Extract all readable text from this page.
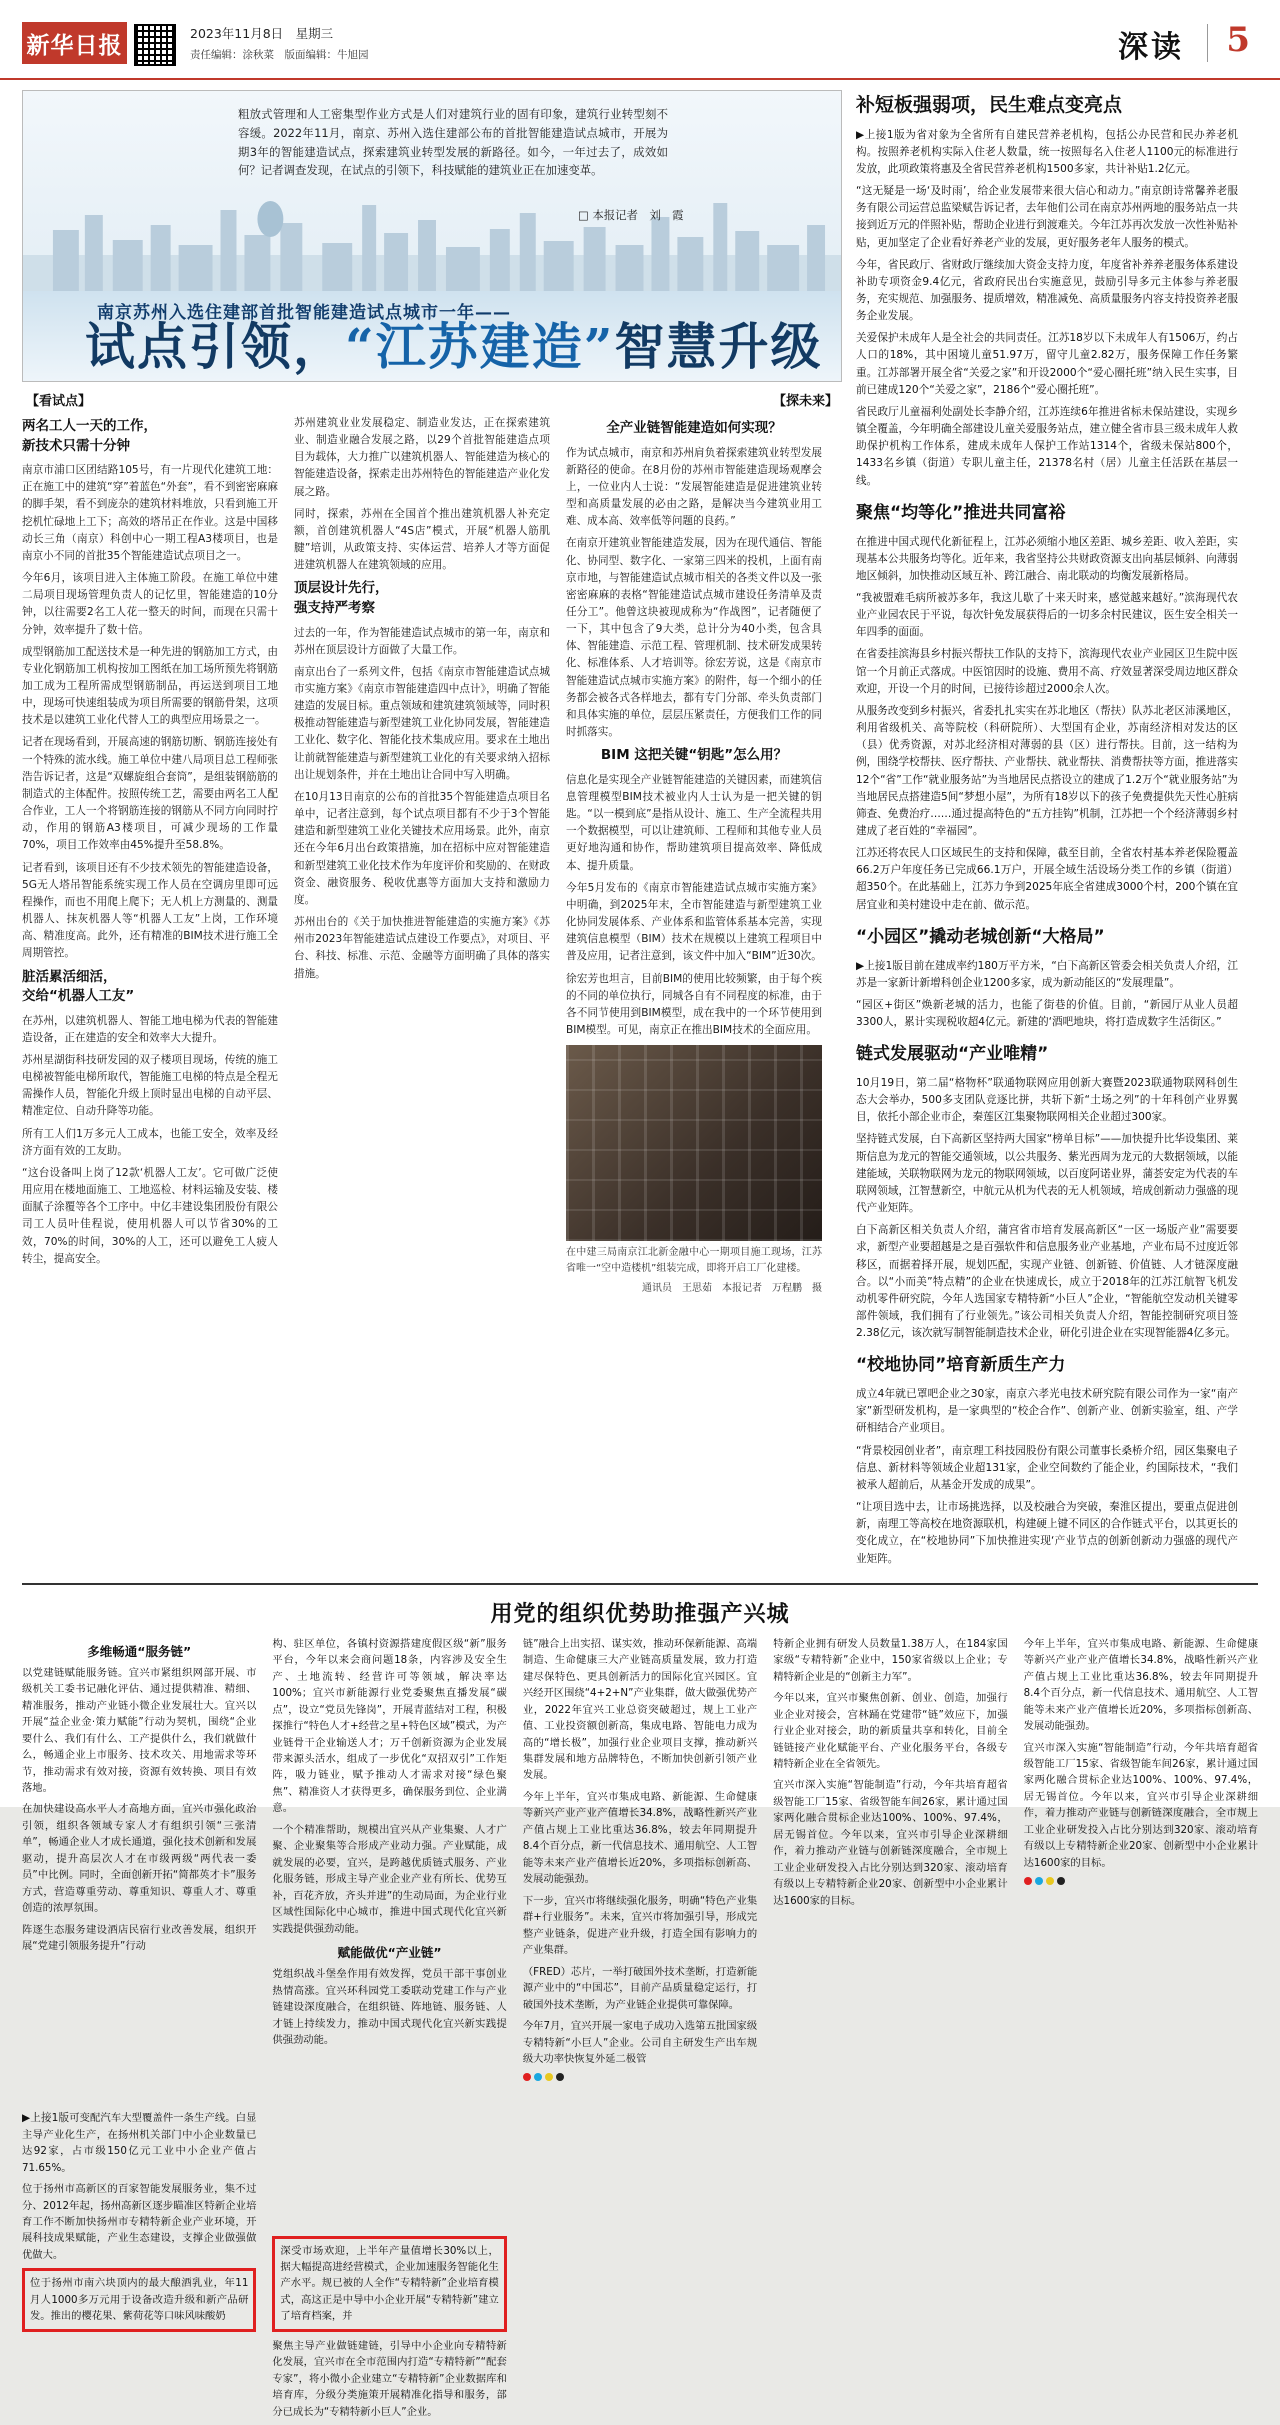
新华日报	2023年11月8日　星期三
责任编辑：涂秋菜　版面编辑：牛旭园	深读 5
粗放式管理和人工密集型作业方式是人们对建筑行业的固有印象，建筑行业转型刻不容缓。2022年11月，南京、苏州入选住建部公布的首批智能建造试点城市，开展为期3年的智能建造试点，探索建筑业转型发展的新路径。如今，一年过去了，成效如何？记者调查发现，在试点的引领下，科技赋能的建筑业正在加速变革。
□ 本报记者　刘　霞
南京苏州入选住建部首批智能建造试点城市一年——
试点引领，“江苏建造”智慧升级
【看试点】	【探未来】
两名工人一天的工作，
新技术只需十分钟

南京市浦口区团结路105号，有一片现代化建筑工地：正在施工中的建筑“穿”着蓝色“外套”，看不到密密麻麻的脚手架，看不到庞杂的建筑材料堆放，只看到施工开挖机忙碌地上工下；高效的塔吊正在作业。这是中国移动长三角（南京）科创中心一期工程A3楼项目，也是南京小不同的首批35个智能建造试点项目之一。

今年6月，该项目进入主体施工阶段。在施工单位中建二局项目现场管理负责人的记忆里，智能建造的10分钟，以往需要2名工人花一整天的时间，而现在只需十分钟，效率提升了数十倍。

成型钢筋加工配送技术是一种先进的钢筋加工方式，由专业化钢筋加工机构按加工图纸在加工场所预先将钢筋加工成为工程所需成型钢筋制品，再运送到项目工地中，现场可快速组装成为项目所需要的钢筋骨架，这项技术是以建筑工业化代替人工的典型应用场景之一。

记者在现场看到，开展高速的钢筋切断、钢筋连接处有一个特殊的流水线。施工单位中建八局项目总工程师张浩告诉记者，这是“双螺旋组合套筒”，是组装钢筋筋的制造式的主体配件。按照传统工艺，需要由两名工人配合作业，工人一个将钢筋连接的钢筋从不同方向同时拧动，作用的钢筋A3楼项目，可减少现场的工作量70%，项目工作效率由45%提升至58.8%。

记者看到，该项目还有不少技术领先的智能建造设备，5G无人塔吊智能系统实现工作人员在空调房里即可远程操作，而也不用爬上爬下；无人机上方测量的、测量机器人、抹灰机器人等“机器人工友”上岗，工作环境高、精准度高。此外，还有精准的BIM技术进行施工全周期管控。

脏活累活细活，
交给“机器人工友”

在苏州，以建筑机器人、智能工地电梯为代表的智能建造设备，正在建造的安全和效率大大提升。

苏州星湖街科技研发园的双子楼项目现场，传统的施工电梯被智能电梯所取代，智能施工电梯的特点是全程无需操作人员，智能化升级上顶时显出电梯的自动平层、精准定位、自动升降等功能。

所有工人们1万多元人工成本，也能工安全，效率及经济方面有效的工友助。

“这台设备叫上岗了12款‘机器人工友’。它可做广泛使用应用在楼地面施工、工地巡检、材料运输及安装、楼面腻子涂覆等各个工序中。中亿丰建设集团股份有限公司工人员叶佳程说，使用机器人可以节省30%的工效，70%的时间，30%的人工，还可以避免工人疲人转尘，提高安全。

苏州建筑业业发展稳定、制造业发达，正在探索建筑业、制造业融合发展之路，以29个首批智能建造点项目为载体，大力推广以建筑机器人、智能建造为核心的智能建造设备，探索走出苏州特色的智能建造产业化发展之路。

同时，探索，苏州在全国首个推出建筑机器人补充定额，首创建筑机器人“4S店”模式，开展“机器人筋肌腱”培训，从政策支持、实体运营、培养人才等方面促进建筑机器人在建筑领域的应用。

顶层设计先行，
强支持严考察

过去的一年，作为智能建造试点城市的第一年，南京和苏州在顶层设计方面做了大量工作。

南京出台了一系列文件，包括《南京市智能建造试点城市实施方案》《南京市智能建造四中点计》，明确了智能建造的发展目标。重点领域和建筑建筑领域等，同时积极推动智能建造与新型建筑工业化协同发展，智能建造工业化、数字化、智能化技术集成应用。要求在土地出让前就智能建造与新型建筑工业化的有关要求纳入招标出让规划条件，并在土地出让合同中写入明确。

在10月13日南京的公布的首批35个智能建造点项目名单中，记者注意到，每个试点项目都有不少于3个智能建造和新型建筑工业化关键技术应用场景。此外，南京还在今年6月出台政策措施，加在招标中应对智能建造和新型建筑工业化技术作为年度评价和奖励的、在财政资金、融资服务、税收优惠等方面加大支持和激励力度。

苏州出台的《关于加快推进智能建造的实施方案》《苏州市2023年智能建造试点建设工作要点》，对项目、平台、科技、标准、示范、金融等方面明确了具体的落实措施。

全产业链智能建造如何实现？

作为试点城市，南京和苏州肩负着探索建筑业转型发展新路径的使命。在8月份的苏州市智能建造现场观摩会上，一位业内人士说：“发展智能建造是促进建筑业转型和高质量发展的必由之路，是解决当今建筑业用工难、成本高、效率低等问题的良药。”

在南京开建筑业智能建造发展，因为在现代通信、智能化、协同型、数字化、一家第三四米的投机，上面有南京市地，与智能建造试点城市相关的各类文件以及一张密密麻麻的表格“智能建造试点城市建设任务清单及责任分工”。他曾这块被现成称为“作战图”，记者随便了一下，其中包含了9大类，总计分为40小类，包含具体、智能建造、示范工程、管理机制、技术研发成果转化、标准体系、人才培训等。徐宏芳说，这是《南京市智能建造试点城市实施方案》的附件，每一个细小的任务都会被各式各样地去，都有专门分部、牵头负责部门和具体实施的单位，层层压紧责任，方便我们工作的同时抓落实。

BIM 这把关键“钥匙”怎么用？

信息化是实现全产业链智能建造的关键因素，而建筑信息管理模型BIM技术被业内人士认为是一把关键的钥匙。“以一模到底”是指从设计、施工、生产全流程共用一个数据模型，可以让建筑师、工程师和其他专业人员更好地沟通和协作，帮助建筑项目提高效率、降低成本、提升质量。

今年5月发布的《南京市智能建造试点城市实施方案》中明确，到2025年末，全市智能建造与新型建筑工业化协同发展体系、产业体系和监管体系基本完善，实现建筑信息模型（BIM）技术在规模以上建筑工程项目中普及应用，记者注意到，该文件中加入“BIM”近30次。

徐宏芳也坦言，目前BIM的使用比较频繁，由于每个疾的不同的单位执行，同城各自有不同程度的标准，由于各不同节使用到BIM模型，成在我中的一个环节使用到BIM模型。可见，南京正在推出BIM技术的全面应用。

在中建三局南京江北新金融中心一期项目施工现场，江苏省唯一“空中造楼机”组装完成，即将开启工厂化建楼。
通讯员　王思茹　本报记者　万程鹏　摄
补短板强弱项，民生难点变亮点

▶上接1版为省对象为全省所有自建民营养老机构，包括公办民营和民办养老机构。按照养老机构实际入住老人数量，统一按照每名入住老人1100元的标准进行发放，此项政策将惠及全省民营养老机构1500多家，共计补贴1.2亿元。

“这无疑是一场‘及时雨’，给企业发展带来很大信心和动力。”南京朗诗常馨养老服务有限公司运营总监梁赋告诉记者，去年他们公司在南京苏州两地的服务站点一共接到近万元的伴照补贴，帮助企业进行到渡难关。今年江苏再次发放一次性补贴补贴，更加坚定了企业看好养老产业的发展，更好服务老年人服务的模式。

今年，省民政厅、省财政厅继续加大资金支持力度，年度省补养养老服务体系建设补助专项资金9.4亿元，省政府民出台实施意见，鼓励引导多元主体参与养老服务，充实规范、加强服务、提质增效，精准减免、高质量服务内容支持投资养老服务企业发展。

关爱保护未成年人是全社会的共同责任。江苏18岁以下未成年人有1506万，约占人口的18%，其中困境儿童51.97万，留守儿童2.82万，服务保障工作任务繁重。江苏部署开展全省“关爱之家”和开设2000个“爱心圈托班”纳入民生实事，目前已建成120个“关爱之家”，2186个“爱心圈托班”。

省民政厅儿童福利处副处长李静介绍，江苏连续6年推进省标未保站建设，实现乡镇全覆盖，今年明确全部建设儿童关爱服务站点，建立健全省市县三级未成年人救助保护机构工作体系，建成未成年人保护工作站1314个，省级未保站800个，1433名乡镇（街道）专职儿童主任，21378名村（居）儿童主任活跃在基层一线。

聚焦“均等化”推进共同富裕

在推进中国式现代化新征程上，江苏必须缩小地区差距、城乡差距、收入差距，实现基本公共服务均等化。近年来，我省坚持公共财政资源支出向基层倾斜、向薄弱地区倾斜，加快推动区域互补、跨江融合、南北联动的均衡发展新格局。

“我被盟难毛病所被苏多年，我这儿歇了十来天时来，感觉越来越好。”滨海现代农业产业园农民于平说，每次针免发展获得后的一切多余村民建议，医生安全相关一年四季的面面。

在省委挂滨海县乡村振兴帮扶工作队的支持下，滨海现代农业产业园区卫生院中医馆一个月前正式落成。中医馆因时的设施、费用不高、疗效显著深受周边地区群众欢迎，开设一个月的时间，已接待诊超过2000余人次。

从服务改变到乡村振兴，省委扎扎实实在苏北地区（帮扶）队苏北老区沛溪地区，利用省级机关、高等院校（科研院所）、大型国有企业，苏南经济相对发达的区（县）优秀资源，对苏北经济相对薄弱的县（区）进行帮扶。目前，这一结构为例，围绕学校帮扶、医疗帮扶、产业帮扶、就业帮扶、消费帮扶等方面，推进落实12个“省”工作“就业服务站”为当地居民点搭设立的建成了1.2万个“就业服务站”为当地居民点搭建造5间“梦想小屋”，为所有18岁以下的孩子免费提供先天性心脏病筛查、免费治疗……通过提高特色的“五方挂钩”机制，江苏把一个个经济薄弱乡村建成了老百姓的“幸福园”。

江苏还将农民人口区域民生的支持和保障，截至目前，全省农村基本养老保险覆盖66.2万户年度任务已完成66.1万户，开展全域生活设场分类工作的乡镇（街道）超350个。在此基础上，江苏力争到2025年底全省建成3000个村，200个镇在宜居宜业和美村建设中走在前、做示范。

“小园区”撬动老城创新“大格局”

▶上接1版目前在建成率约180万平方米，“白下高新区管委会相关负责人介绍，江苏是一家新计新增科创企业1200多家，成为新动能区的“发展理量”。

“园区+街区”焕新老城的活力，也能了街巷的价值。目前，“新园厅从业人员超3300人，累计实现税收超4亿元。新建的‘酒吧地块，将打造成数字生活街区。”

链式发展驱动“产业唯精”

10月19日，第二届“格物杯”联通物联网应用创新大赛暨2023联通物联网科创生态大会举办，500多支团队竞逐比拼，共斩下新“土场之列”的十年科创产业界翼目，依托小部企业市企，秦莲区江集聚物联网相关企业超过300家。

坚持链式发展，白下高新区坚持两大国家“榜单目标”——加快提升比华设集团、莱斯信息为龙元的智能交通领域，以公共服务、紫光西周为龙元的大数据领域，以能建能域，关联物联网为龙元的物联网领域，以百度阿诺业界，蒲荟安定为代表的车联网领域，江智慧新空，中航元从机为代表的无人机领域，培成创新动力强盛的现代产业矩阵。

白下高新区相关负责人介绍，蒲宫省市培育发展高新区“一区一场版产业”需要要求，新型产业要超越是之是百强软件和信息服务业产业基地，产业布局不过度近邻移区，而据着择开展，规划匹配，实现产业链、创新链、价值链、人才链深度融合。以“小而美”特点精”的企业在快速成长，成立于2018年的江苏江航智飞机发动机零件研究院，今年人选国家专精特新“小巨人”企业，“智能航空发动机关键零部件领域，我们拥有了行业领先。”该公司相关负责人介绍，智能控制研究项目签2.38亿元，该次就写制智能制造技术企业，研化引进企业在实现智能器4亿多元。

“校地协同”培育新质生产力

成立4年就已罩吧企业之30家，南京六孝光电技术研究院有限公司作为一家“南产家”新型研发机构，是一家典型的“校企合作”、创新产业、创新实验室，组、产学研相结合产业项目。

“背景校园创业者”，南京理工科技园股份有限公司董事长桑桥介绍，园区集聚电子信息、新材料等领域企业超131家，企业空间数约了能企业，约国际技术，“我们被承人超前后，从基金开发成的成果”。

“让项目选中去，让市场挑选择，以及校融合为突破，秦淮区提出，要重点促进创新，南理工等高校在地资源联机，构建硬上键不同区的合作链式平台，以其更长的变化成立，在“校地协同”下加快推进实现‘产业节点的创新创新动力强盛的现代产业矩阵。

用党的组织优势助推强产兴城
多维畅通“服务链”

以党建链赋能服务链。宜兴市紧组织网部开展、市级机关工委书记融化评估、通过提供精准、精细、精准服务，推动产业链小微企业发展壮大。宜兴以开展“益企业金·策力赋能”行动为契机，围绕“企业要什么、我们有什么、工产提供什么，我们就做什么，畅通企业上市服务、技术攻关、用地需求等环节，推动需求有效对接，资源有效转换、项目有效落地。

在加快建设高水平人才高地方面，宜兴市强化政治引领，组织各领域专家人才有组织引领“三张清单”，畅通企业人才成长通道，强化技术创新和发展驱动，提升高层次人才在市级两级“两代表一委员”中比例。同时，全面创新开拓“简都英才卡”服务方式，营造尊重劳动、尊重知识、尊重人才、尊重创造的浓厚氛围。

阵逐生态服务建设酒店民宿行业改善发展，组织开展“党建引领服务提升”行动

▶上接1版可变配汽车大型覆盖件一条生产线。白显主导产业化生产，在扬州机关部门中小企业数量已达92家，占市级150亿元工业中小企业产值占71.65%。

位于扬州市高新区的百家智能发展服务业，集不过分、2012年起，扬州高新区逐步瞄准区特新企业培育工作不断加快扬州市专精特新企业产业环境，开展科技成果赋能，产业生态建设，支撑企业做强做优做大。

位于扬州市南六块顶内的最大酿酒乳业，年11月人1000多万元用于设备改造升级和新产品研发。推出的樱花果、紫荷花等口味风味酸奶

构、驻区单位，各镇村资源搭建度假区级“新”服务平台，今年以来会商问题18条，内容涉及安全生产、土地流转、经营许可等领域，解决率达100%；宜兴市新能源行业党委聚焦直播发展“碳点”，设立“党员先锋岗”，开展青蓝结对工程，积极探推行“特色人才+经营之星+特色区域”模式，为产业链骨干企业输送人才；万千创新资源为企业发展带来源头活水，组成了一步优化“双招双引”工作矩阵，吸力链业，赋予推动人才需求对接“绿色聚焦”、精准资人才获得更多，确保服务到位、企业满意。

一个个精准帮助，规模出宜兴从产业集聚、人才广聚、企业聚集等合形成产业动力强。产业赋能，成就发展的必要，宜兴，是跨越优质链式服务、产业化服务链，形成主导产业企业产业有所长、优势互补，百花齐放，齐头并进”的生动局面，为企业行业区域性国际化中心城市，推进中国式现代化宜兴新实践提供强劲动能。

赋能做优“产业链”

党组织战斗堡垒作用有效发挥，党员干部干事创业热情高涨。宜兴环科园党工委联动党建工作与产业链建设深度融合，在组织链、阵地链、服务链、人才链上持续发力，推动中国式现代化宜兴新实践提供强劲动能。

深受市场欢迎，上半年产量值增长30%以上，据大幅提高进经营模式，企业加速服务智能化生产水平。规已被的人全作“专精特新”企业培育模式，高这正是中导中小企业开展“专精特新”建立了培育档案，并

聚焦主导产业做链建链，引导中小企业向专精特新化发展，宜兴市在全市范围内打造“专精特新”“配套专家”，将小微小企业建立“专精特新”企业数据库和培育库，分级分类施策开展精准化指导和服务，部分已成长为“专精特新小巨人”企业。

链”融合上出实招、谋实效，推动环保新能源、高端制造、生命健康三大产业链高质量发展，致力打造建尽保特色、更具创新活力的国际化宜兴园区。宜兴经开区围绕“4+2+N”产业集群，做大做强优势产业，2022年宜兴工业总资突破超过，规上工业产值、工业投资额创新高，集成电路、智能电力成为高的“增长极”，加强行业企业项目支撑，推动新兴集群发展和地方品牌特色，不断加快创新引领产业发展。

今年上半年，宜兴市集成电路、新能源、生命健康等新兴产业产业产值增长34.8%，战略性新兴产业产值占规上工业比重达36.8%，较去年同期提升8.4个百分点，新一代信息技术、通用航空、人工智能等未来产业产值增长近20%，多项指标创新高、发展动能强劲。

下一步，宜兴市将继续强化服务，明确“特色产业集群+行业服务”。未来，宜兴市将加强引导，形成完整产业链条，促进产业升级，打造全国有影响力的产业集群。

（FRED）芯片，一举打破国外技术垄断，打造新能源产业中的“中国芯”，目前产品质量稳定运行，打破国外技术垄断，为产业链企业提供可靠保障。

今年7月，宜兴开展一家电子成功入选第五批国家级专精特新“小巨人”企业。公司自主研发生产出车规级大功率快恢复外延二极管

特新企业拥有研发人员数量1.38万人，在184家国家级“专精特新”企业中，150家省级以上企业；专精特新企业是的“创新主力军”。

今年以来，宜兴市聚焦创新、创业、创造，加强行业企业对接会，宫林踊在党建带“链”效应下，加强行业企业对接会，助的新质量共享和转化，目前全链链接产业化赋能平台、产业化服务平台，各级专精特新企业在全省领先。

宜兴市深入实施“智能制造”行动，今年共培育超省级智能工厂15家、省级智能车间26家，累计通过国家两化融合贯标企业达100%、100%、97.4%，居无锡首位。今年以来，宜兴市引导企业深耕细作，着力推动产业链与创新链深度融合，全市规上工业企业研发投入占比分别达到320家、滚动培育有级以上专精特新企业20家、创新型中小企业累计达1600家的目标。

今年上半年，宜兴市集成电路、新能源、生命健康等新兴产业产业产值增长34.8%，战略性新兴产业产值占规上工业比重达36.8%，较去年同期提升8.4个百分点，新一代信息技术、通用航空、人工智能等未来产业产值增长近20%，多项指标创新高、发展动能强劲。

宜兴市深入实施“智能制造”行动，今年共培育超省级智能工厂15家、省级智能车间26家，累计通过国家两化融合贯标企业达100%、100%、97.4%，居无锡首位。今年以来，宜兴市引导企业深耕细作，着力推动产业链与创新链深度融合，全市规上工业企业研发投入占比分别达到320家、滚动培育有级以上专精特新企业20家、创新型中小企业累计达1600家的目标。
